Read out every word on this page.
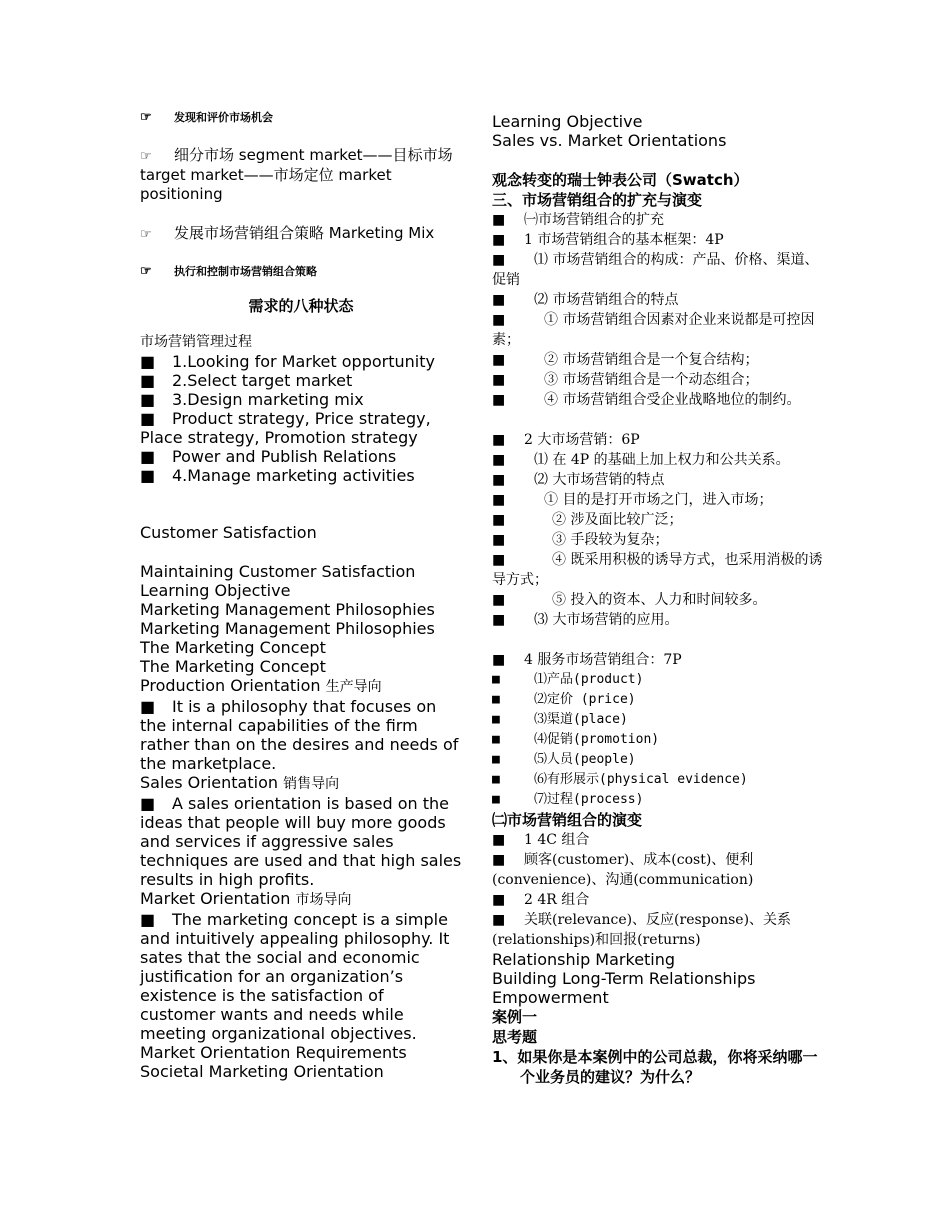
☞ 发现和评价市场机会
☞ 细分市场 segment market——目标市场 target market——市场定位 market positioning
☞ 发展市场营销组合策略 Marketing Mix
☞ 执行和控制市场营销组合策略
需求的八种状态
市场营销管理过程
■ 1.Looking for Market opportunity
■ 2.Select target market
■ 3.Design marketing mix
■ Product strategy, Price strategy, Place strategy, Promotion strategy
■ Power and Publish Relations
■ 4.Manage marketing activities
Customer Satisfaction
Maintaining Customer Satisfaction
Learning Objective
Marketing Management Philosophies
Marketing Management Philosophies
The Marketing Concept
The Marketing Concept
Production Orientation 生产导向
■ It is a philosophy that focuses on the internal capabilities of the firm rather than on the desires and needs of the marketplace.
Sales Orientation 销售导向
■ A sales orientation is based on the ideas that people will buy more goods and services if aggressive sales techniques are used and that high sales results in high profits.
Market Orientation 市场导向
■ The marketing concept is a simple and intuitively appealing philosophy. It sates that the social and economic justification for an organization’s existence is the satisfaction of customer wants and needs while meeting organizational objectives.
Market Orientation Requirements
Societal Marketing Orientation
Learning Objective
Sales vs. Market Orientations
观念转变的瑞士钟表公司（Swatch）
三、市场营销组合的扩充与演变
■ ㈠市场营销组合的扩充
■ 1 市场营销组合的基本框架：4P
■ ⑴ 市场营销组合的构成：产品、价格、渠道、促销
■ ⑵ 市场营销组合的特点
■	① 市场营销组合因素对企业来说都是可控因素；
■	② 市场营销组合是一个复合结构；
■	③ 市场营销组合是一个动态组合；
■	④ 市场营销组合受企业战略地位的制约。
■ 2 大市场营销：6P
■ ⑴ 在 4P 的基础上加上权力和公共关系。
■ ⑵ 大市场营销的特点
■	① 目的是打开市场之门，进入市场；
■	② 涉及面比较广泛；
■	③ 手段较为复杂；
■	④ 既采用积极的诱导方式，也采用消极的诱导方式；
■	⑤ 投入的资本、人力和时间较多。
■ ⑶ 大市场营销的应用。
■ 4 服务市场营销组合：7P
■	⑴产品(product)
■	⑵定价 (price)
■	⑶渠道(place)
■	⑷促销(promotion)
■	⑸人员(people)
■	⑹有形展示(physical evidence)
■	⑺过程(process)
㈡市场营销组合的演变
■ 1 4C 组合
■ 顾客(customer)、成本(cost)、便利(convenience)、沟通(communication)
■ 2 4R 组合
■ 关联(relevance)、反应(response)、关系(relationships)和回报(returns)
Relationship Marketing
Building Long-Term Relationships
Empowerment
案例一
思考题
1、如果你是本案例中的公司总裁，你将采纳哪一个业务员的建议？为什么？
